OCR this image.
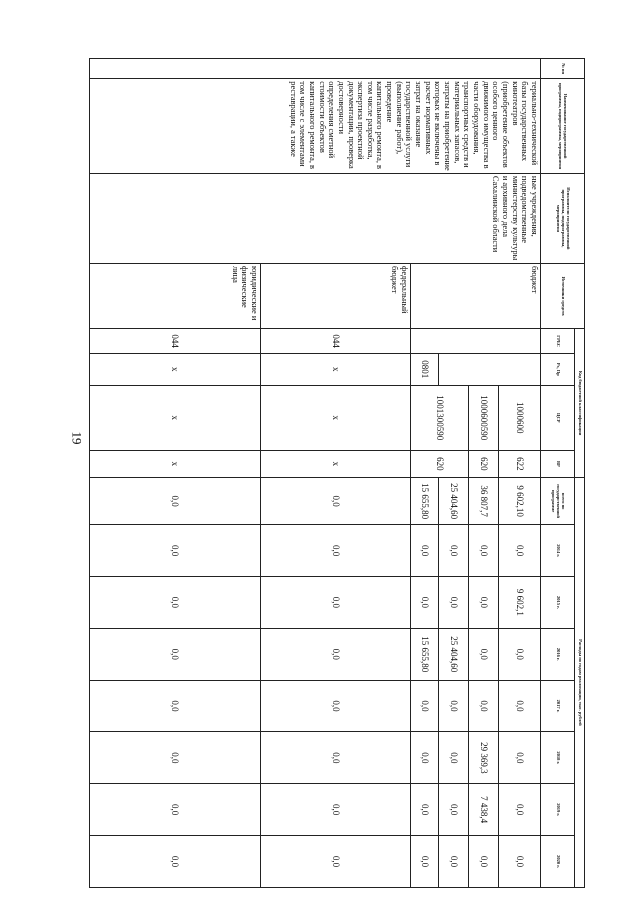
19
№ пп	Наименование государственной программы, подпрограммы, мероприятия	Исполнители государственной программы, подпрограммы, мероприятия	Источники средств	Код бюджетной классификации				Расходы по годам реализации, тыс. рублей							
				ГРБС	Рз, Пр	ЦСР	ВР	всего по государственной программе	2014 г.	2015 г.	2016 г.	2017 г.	2018 г.	2019 г.	2020 г.
	териально-технической базы государственных кинотеатров (приобретение объектов особого ценного движимого имущества в части оборудования, транспортных средств и материальных запасов, затраты на приобретение которых не включены в расчет нормативных затрат на оказание государственной услуги (выполнение работ), проведение капитального ремонта, в том числе разработка, экспертиза проектной документации, проверка достоверности определения сметной стоимости объектов капитального ремонта, в том числе с элементами реставрации, а также	ные учреждения, подведомственные министерству культуры и архивного дела Сахалинской области	бюджет			1000600	622	9 602,10	0,0	9 602,1	0,0	0,0	0,0	0,0	0,0
						1000600590	620	36 807,7	0,0	0,0	0,0	0,0	29 369,3	7 438,4	0,0
						1001300590	620	25 404,60	0,0	0,0	25 404,60	0,0	0,0	0,0	0,0
					0801			15 655,80	0,0	0,0	15 655,80	0,0	0,0	0,0	0,0
			федеральный бюджет	044	x	x	x	0,0	0,0	0,0	0,0	0,0	0,0	0,0	0,0
			юридические и физические лица	044	x	x	x	0,0	0,0	0,0	0,0	0,0	0,0	0,0	0,0
